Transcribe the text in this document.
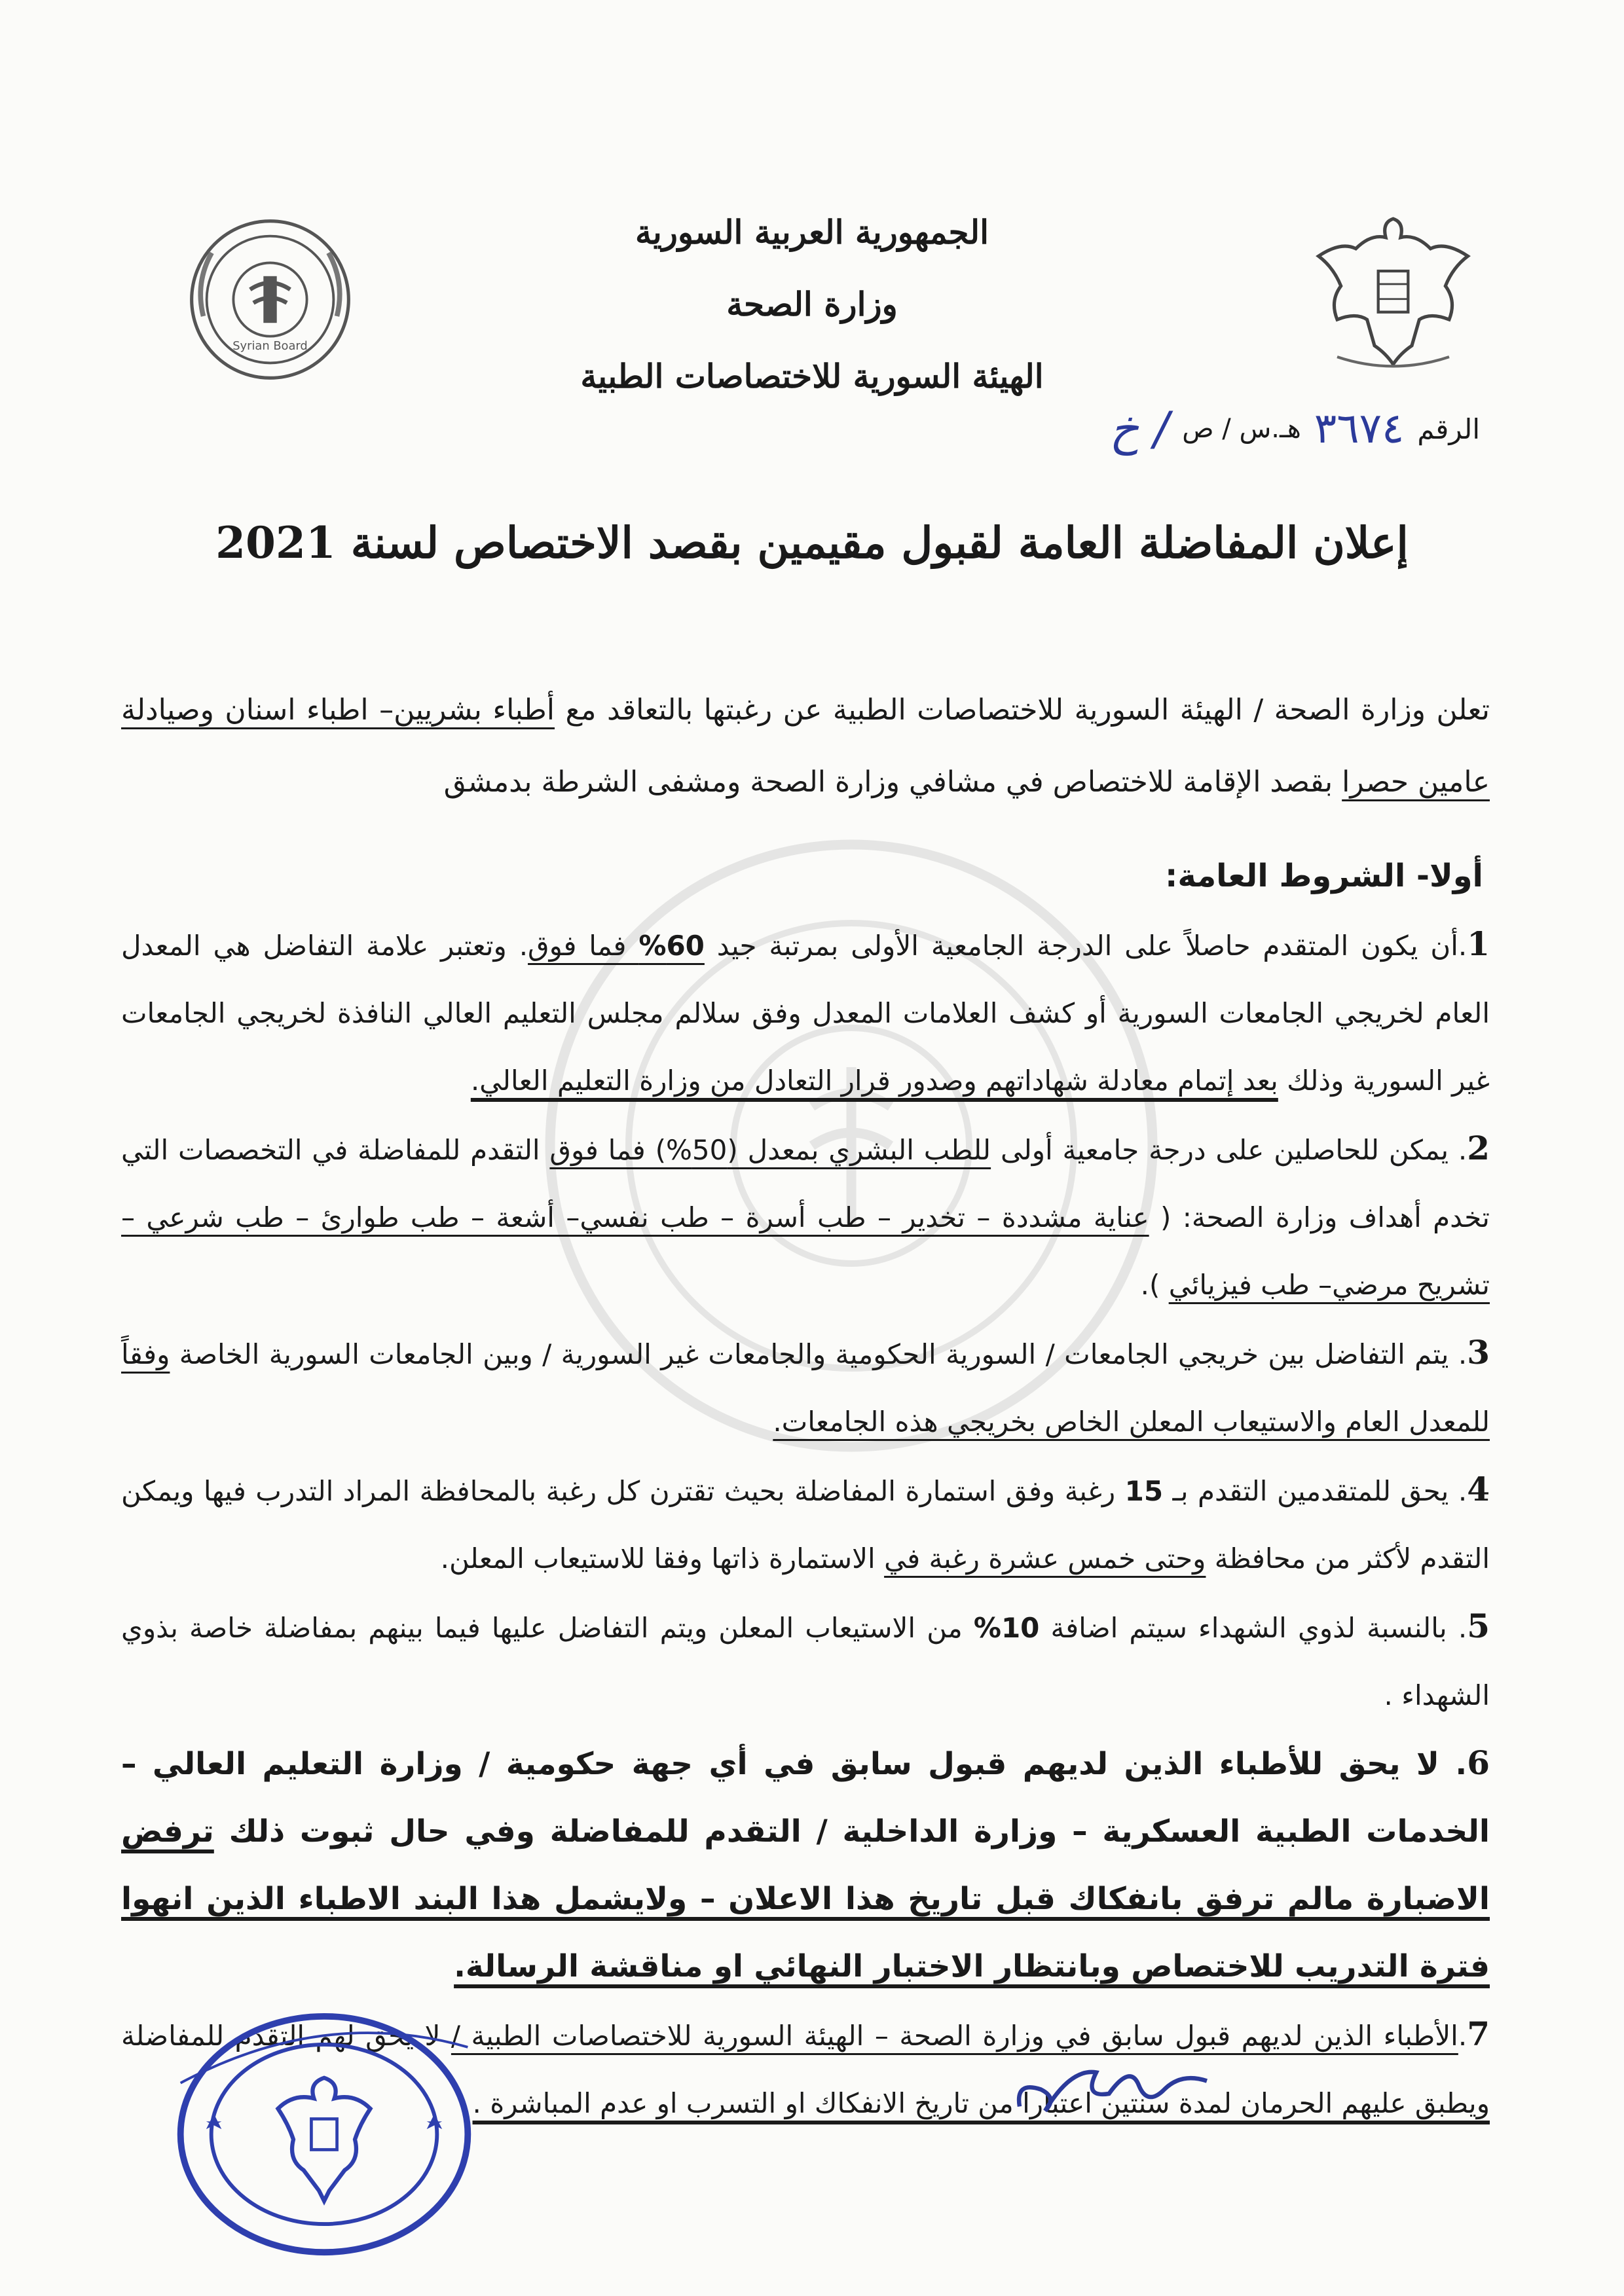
Syrian Board
الجمهورية العربية السورية
وزارة الصحة
الهيئة السورية للاختصاصات الطبية
الرقم
٣٦٧٤
هـ.س / ص
/ خ
إعلان المفاضلة العامة لقبول مقيمين بقصد الاختصاص لسنة 2021
تعلن وزارة الصحة / الهيئة السورية للاختصاصات الطبية عن رغبتها بالتعاقد مع أطباء بشريين– اطباء اسنان وصيادلة عامين حصرا بقصد الإقامة للاختصاص في مشافي وزارة الصحة ومشفى الشرطة بدمشق
أولا- الشروط العامة:

1.أن يكون المتقدم حاصلاً على الدرجة الجامعية الأولى بمرتبة جيد 60% فما فوق. وتعتبر علامة التفاضل هي المعدل العام لخريجي الجامعات السورية أو كشف العلامات المعدل وفق سلالم مجلس التعليم العالي النافذة لخريجي الجامعات غير السورية وذلك بعد إتمام معادلة شهاداتهم وصدور قرار التعادل من وزارة التعليم العالي.

2. يمكن للحاصلين على درجة جامعية أولى للطب البشري بمعدل (50%) فما فوق التقدم للمفاضلة في التخصصات التي تخدم أهداف وزارة الصحة: ( عناية مشددة – تخدير – طب أسرة – طب نفسي– أشعة – طب طوارئ – طب شرعي – تشريح مرضي– طب فيزيائي ).

3. يتم التفاضل بين خريجي الجامعات / السورية الحكومية والجامعات غير السورية / وبين الجامعات السورية الخاصة وفقاً للمعدل العام والاستيعاب المعلن الخاص بخريجي هذه الجامعات.

4. يحق للمتقدمين التقدم بـ 15 رغبة وفق استمارة المفاضلة بحيث تقترن كل رغبة بالمحافظة المراد التدرب فيها ويمكن التقدم لأكثر من محافظة وحتى خمس عشرة رغبة في الاستمارة ذاتها وفقا للاستيعاب المعلن.

5. بالنسبة لذوي الشهداء سيتم اضافة 10% من الاستيعاب المعلن ويتم التفاضل عليها فيما بينهم بمفاضلة خاصة بذوي الشهداء .

6. لا يحق للأطباء الذين لديهم قبول سابق في أي جهة حكومية / وزارة التعليم العالي – الخدمات الطبية العسكرية – وزارة الداخلية / التقدم للمفاضلة وفي حال ثبوت ذلك ترفض الاضبارة مالم ترفق بانفكاك قبل تاريخ هذا الاعلان – ولايشمل هذا البند الاطباء الذين انهوا فترة التدريب للاختصاص وبانتظار الاختبار النهائي او مناقشة الرسالة.

7.الأطباء الذين لديهم قبول سابق في وزارة الصحة – الهيئة السورية للاختصاصات الطبية / لا يحق لهم التقدم للمفاضلة ويطبق عليهم الحرمان لمدة سنتين اعتبارا من تاريخ الانفكاك او التسرب او عدم المباشرة .
